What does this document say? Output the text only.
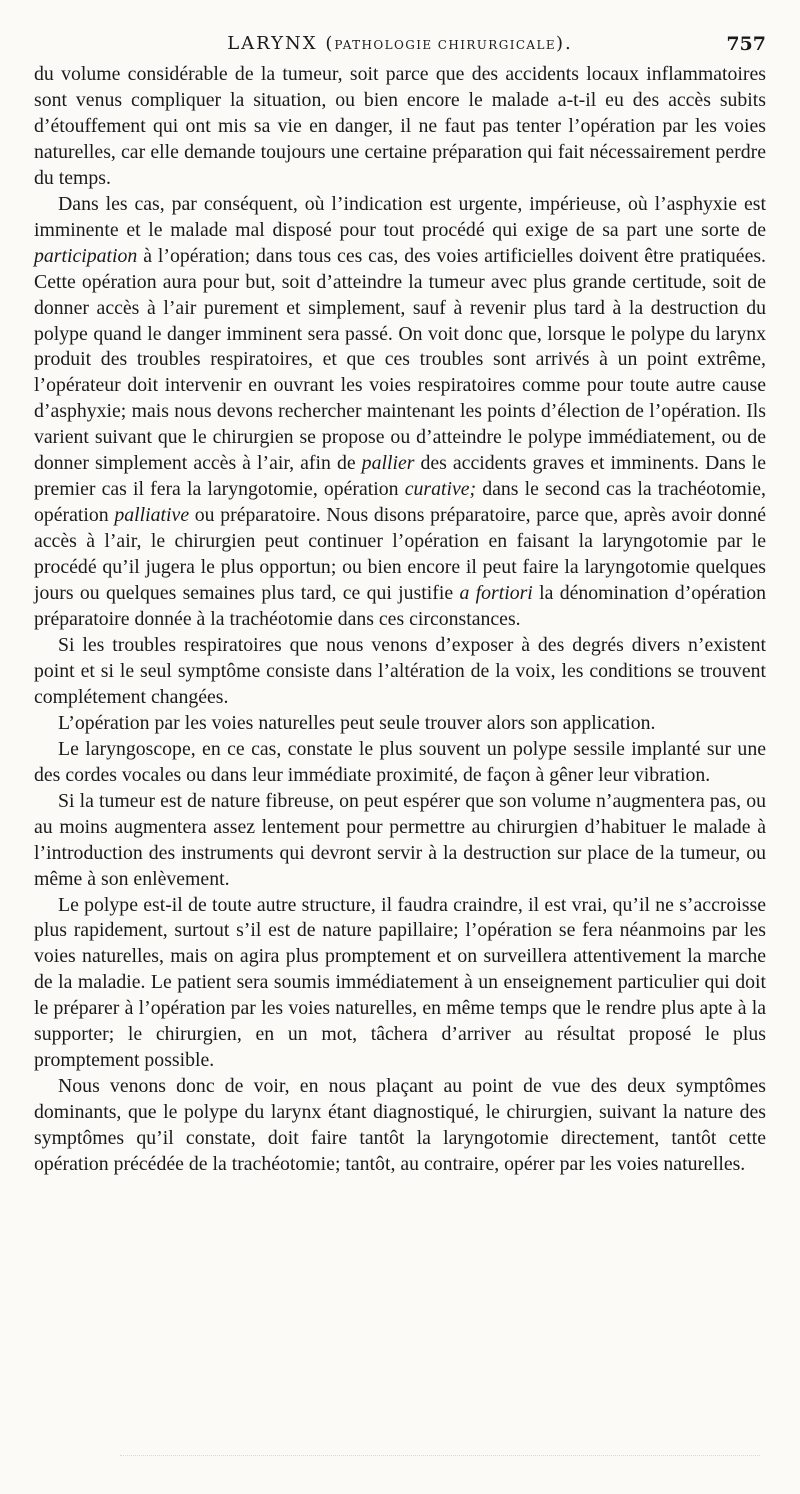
LARYNX (PATHOLOGIE CHIRURGICALE).	757

du volume considérable de la tumeur, soit parce que des accidents locaux inflammatoires sont venus compliquer la situation, ou bien encore le malade a-t-il eu des accès subits d’étouffement qui ont mis sa vie en danger, il ne faut pas tenter l’opération par les voies naturelles, car elle demande toujours une certaine préparation qui fait nécessairement perdre du temps.

Dans les cas, par conséquent, où l’indication est urgente, impérieuse, où l’asphyxie est imminente et le malade mal disposé pour tout procédé qui exige de sa part une sorte de participation à l’opération; dans tous ces cas, des voies artificielles doivent être pratiquées. Cette opération aura pour but, soit d’atteindre la tumeur avec plus grande certitude, soit de donner accès à l’air purement et simplement, sauf à revenir plus tard à la destruction du polype quand le danger imminent sera passé. On voit donc que, lorsque le polype du larynx produit des troubles respiratoires, et que ces troubles sont arrivés à un point extrême, l’opérateur doit intervenir en ouvrant les voies respiratoires comme pour toute autre cause d’asphyxie; mais nous devons rechercher maintenant les points d’élection de l’opération. Ils varient suivant que le chirurgien se propose ou d’atteindre le polype immédiatement, ou de donner simplement accès à l’air, afin de pallier des accidents graves et imminents. Dans le premier cas il fera la laryngotomie, opération curative; dans le second cas la trachéotomie, opération palliative ou préparatoire. Nous disons préparatoire, parce que, après avoir donné accès à l’air, le chirurgien peut continuer l’opération en faisant la laryngotomie par le procédé qu’il jugera le plus opportun; ou bien encore il peut faire la laryngotomie quelques jours ou quelques semaines plus tard, ce qui justifie a fortiori la dénomination d’opération préparatoire donnée à la trachéotomie dans ces circonstances.

Si les troubles respiratoires que nous venons d’exposer à des degrés divers n’existent point et si le seul symptôme consiste dans l’altération de la voix, les conditions se trouvent complétement changées.

L’opération par les voies naturelles peut seule trouver alors son application.

Le laryngoscope, en ce cas, constate le plus souvent un polype sessile implanté sur une des cordes vocales ou dans leur immédiate proximité, de façon à gêner leur vibration.

Si la tumeur est de nature fibreuse, on peut espérer que son volume n’augmentera pas, ou au moins augmentera assez lentement pour permettre au chirurgien d’habituer le malade à l’introduction des instruments qui devront servir à la destruction sur place de la tumeur, ou même à son enlèvement.

Le polype est-il de toute autre structure, il faudra craindre, il est vrai, qu’il ne s’accroisse plus rapidement, surtout s’il est de nature papillaire; l’opération se fera néanmoins par les voies naturelles, mais on agira plus promptement et on surveillera attentivement la marche de la maladie. Le patient sera soumis immédiatement à un enseignement particulier qui doit le préparer à l’opération par les voies naturelles, en même temps que le rendre plus apte à la supporter; le chirurgien, en un mot, tâchera d’arriver au résultat proposé le plus promptement possible.

Nous venons donc de voir, en nous plaçant au point de vue des deux symptômes dominants, que le polype du larynx étant diagnostiqué, le chirurgien, suivant la nature des symptômes qu’il constate, doit faire tantôt la laryngotomie directement, tantôt cette opération précédée de la trachéotomie; tantôt, au contraire, opérer par les voies naturelles.
